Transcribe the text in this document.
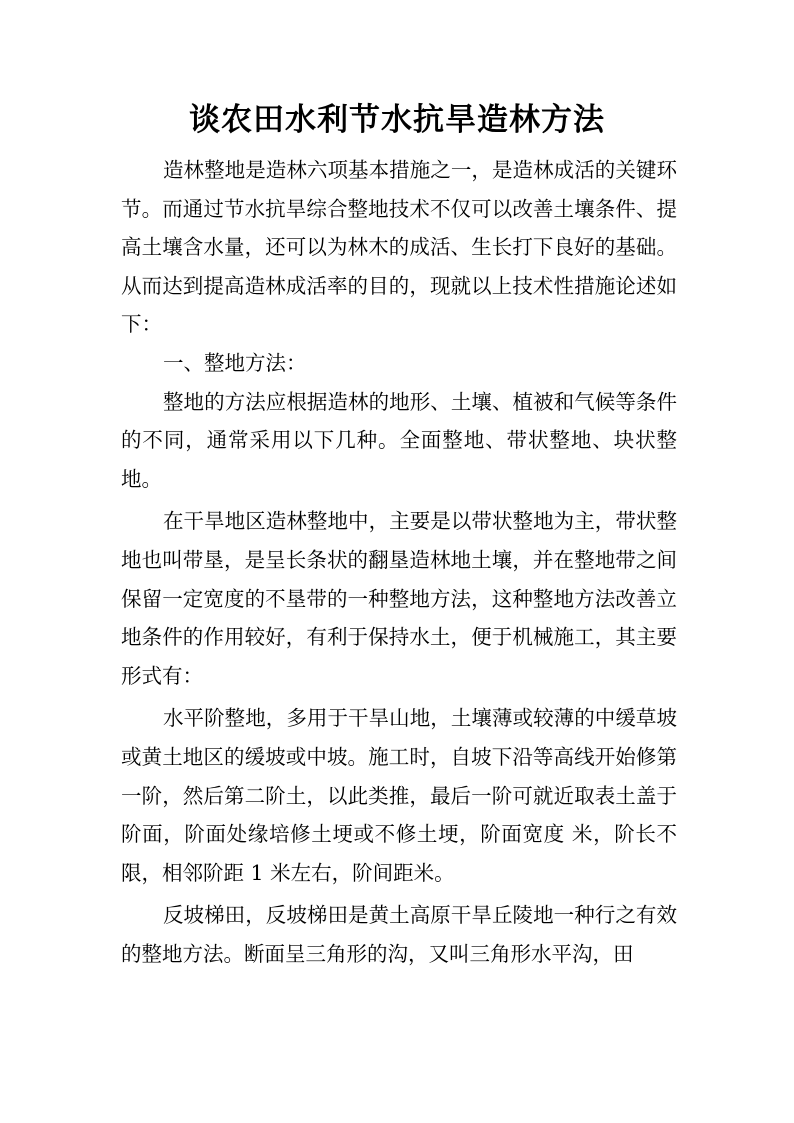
谈农田水利节水抗旱造林方法

造林整地是造林六项基本措施之一，是造林成活的关键环节。而通过节水抗旱综合整地技术不仅可以改善土壤条件、提高土壤含水量，还可以为林木的成活、生长打下良好的基础。从而达到提高造林成活率的目的，现就以上技术性措施论述如下：

一、整地方法：

整地的方法应根据造林的地形、土壤、植被和气候等条件的不同，通常采用以下几种。全面整地、带状整地、块状整地。

在干旱地区造林整地中，主要是以带状整地为主，带状整地也叫带垦，是呈长条状的翻垦造林地土壤，并在整地带之间保留一定宽度的不垦带的一种整地方法，这种整地方法改善立地条件的作用较好，有利于保持水土，便于机械施工，其主要形式有：

水平阶整地，多用于干旱山地，土壤薄或较薄的中缓草坡或黄土地区的缓坡或中坡。施工时，自坡下沿等高线开始修第一阶，然后第二阶土，以此类推，最后一阶可就近取表土盖于阶面，阶面处缘培修土埂或不修土埂，阶面宽度 米，阶长不限，相邻阶距 1 米左右，阶间距米。

反坡梯田，反坡梯田是黄土高原干旱丘陵地一种行之有效的整地方法。断面呈三角形的沟，又叫三角形水平沟，田
